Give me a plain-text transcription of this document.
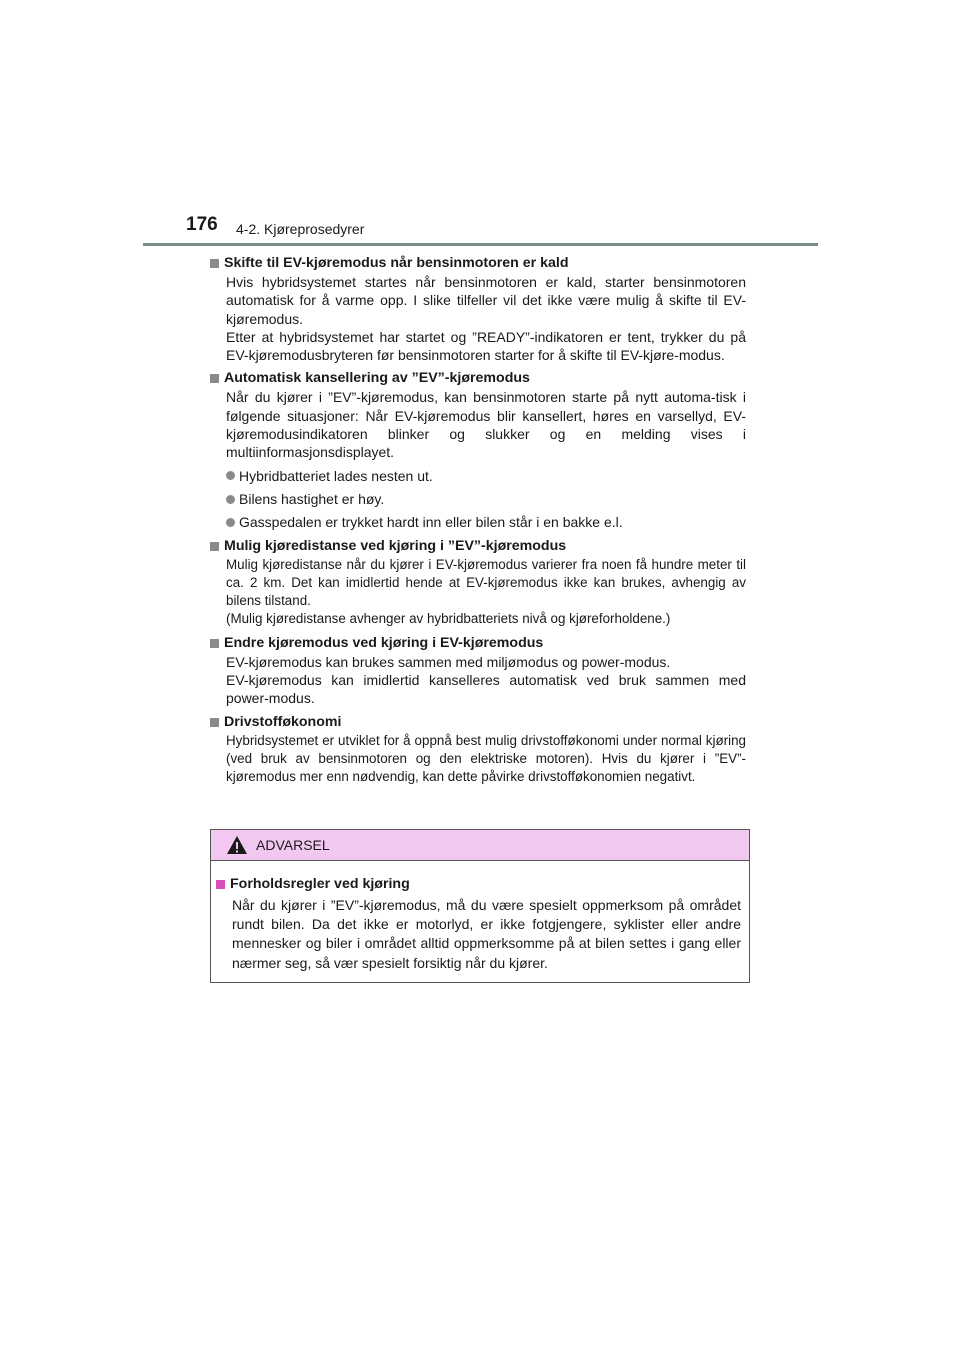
176 4-2. Kjøreprosedyrer
Skifte til EV-kjøremodus når bensinmotoren er kald
Hvis hybridsystemet startes når bensinmotoren er kald, starter bensinmotoren automatisk for å varme opp. I slike tilfeller vil det ikke være mulig å skifte til EV-kjøremodus.
Etter at hybridsystemet har startet og ”READY”-indikatoren er tent, trykker du på EV-kjøremodusbryteren før bensinmotoren starter for å skifte til EV-kjøre-modus.
Automatisk kansellering av ”EV”-kjøremodus
Når du kjører i ”EV”-kjøremodus, kan bensinmotoren starte på nytt automa-tisk i følgende situasjoner: Når EV-kjøremodus blir kansellert, høres en varsellyd, EV-kjøremodusindikatoren blinker og slukker og en melding vises i multiinformasjonsdisplayet.
Hybridbatteriet lades nesten ut.
Bilens hastighet er høy.
Gasspedalen er trykket hardt inn eller bilen står i en bakke e.l.
Mulig kjøredistanse ved kjøring i ”EV”-kjøremodus
Mulig kjøredistanse når du kjører i EV-kjøremodus varierer fra noen få hundre meter til ca. 2 km. Det kan imidlertid hende at EV-kjøremodus ikke kan brukes, avhengig av bilens tilstand.
(Mulig kjøredistanse avhenger av hybridbatteriets nivå og kjøreforholdene.)
Endre kjøremodus ved kjøring i EV-kjøremodus
EV-kjøremodus kan brukes sammen med miljømodus og power-modus.
EV-kjøremodus kan imidlertid kanselleres automatisk ved bruk sammen med power-modus.
Drivstofføkonomi
Hybridsystemet er utviklet for å oppnå best mulig drivstofføkonomi under normal kjøring (ved bruk av bensinmotoren og den elektriske motoren). Hvis du kjører i ”EV”-kjøremodus mer enn nødvendig, kan dette påvirke drivstofføkonomien negativt.
ADVARSEL
Forholdsregler ved kjøring
Når du kjører i ”EV”-kjøremodus, må du være spesielt oppmerksom på området rundt bilen. Da det ikke er motorlyd, er ikke fotgjengere, syklister eller andre mennesker og biler i området alltid oppmerksomme på at bilen settes i gang eller nærmer seg, så vær spesielt forsiktig når du kjører.
